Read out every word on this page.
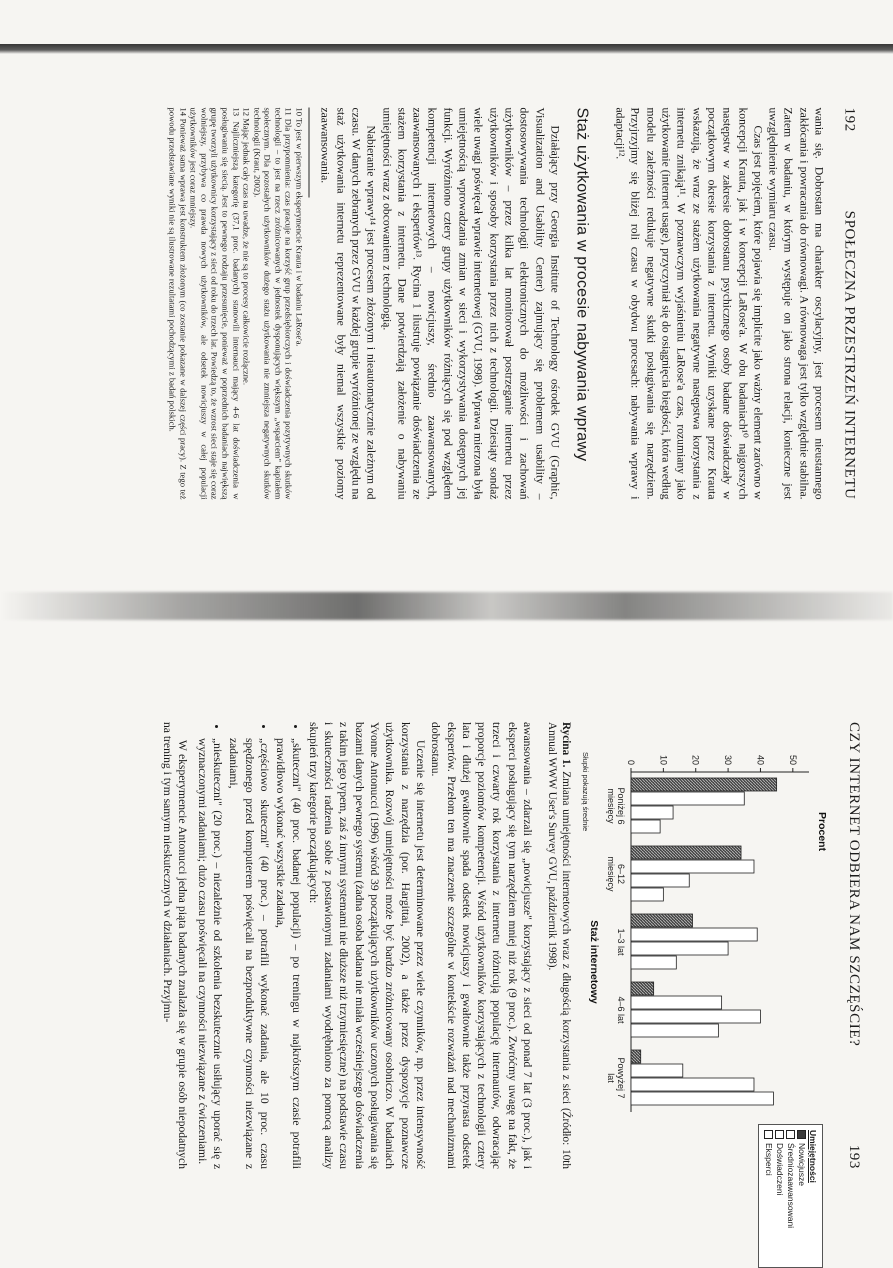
192
SPOŁECZNA PRZESTRZEŃ INTERNETU

wania się. Dobrostan ma charakter oscylacyjny, jest procesem nieustannego zakłócania i powracania do równowagi. A równowaga jest tylko względnie stabilna. Zatem w badaniu, w którym występuje on jako strona relacji, konieczne jest uwzględnienie wymiaru czasu.

Czas jest pojęciem, które pojawia się implicite jako ważny element zarówno w koncepcji Krauta, jak i w koncepcji LaRose'a. W obu badaniach¹⁰ najgorszych następstw w zakresie dobrostanu psychicznego osoby badane doświadczały w początkowym okresie korzystania z internetu. Wyniki uzyskane przez Krauta wskazują, że wraz ze stażem użytkowania negatywne następstwa korzystania z internetu znikają¹¹. W poznawczym wyjaśnieniu LaRose'a czas, rozumiany jako użytkowanie (internet usage), przyczyniał się do osiągnięcia biegłości, która według modelu zależności redukuje negatywne skutki posługiwania się narzędziem. Przyjrzyjmy się bliżej roli czasu w obydwu procesach: nabywania wprawy i adaptacji¹².

Staż użytkowania w procesie nabywania wprawy

Działający przy Georgia Institute of Technology ośrodek GVU (Graphic, Visualization and Usability Center) zajmujący się problemem usability – dostosowywania technologii elektronicznych do możliwości i zachowań użytkowników – przez kilka lat monitorował postrzeganie internetu przez użytkowników i sposoby korzystania przez nich z technologii. Dziesiąty sondaż wiele uwagi poświęcał wprawie internetowej (GVU, 1998). Wprawa mierzona była umiejętnością wprowadzania zmian w sieci i wykorzystywania dostępnych jej funkcji. Wyróżniono cztery grupy użytkowników różniących się pod względem kompetencji internetowych – nowicjuszy, średnio zaawansowanych, zaawansowanych i ekspertów¹³. Rycina 1 ilustruje powiązanie doświadczenia ze stażem korzystania z internetu. Dane potwierdzają założenie o nabywaniu umiejętności wraz z obcowaniem z technologią.

Nabieranie wprawy¹⁴ jest procesem złożonym i nieautomatycznie zależnym od czasu. W danych zebranych przez GVU w każdej grupie wyróżnionej ze względu na staż użytkowania internetu reprezentowane były niemal wszystkie poziomy zaawansowania.

10 To jest w pierwszym eksperymencie Krauta i w badaniu LaRose'a.

11 Dla przypomnienia: czas pracuje na korzyść grup przedsiębiorczych i doświadczenia pozytywnych skutków technologii – to jest na rzecz zróżnicowanych w jednostek dysponujących większym „wsparciem" kapitałem społecznym. Dla pozostałych użytkowników dużego stażu użytkowania nie zmniejsza negatywnych skutków technologii (Kraut, 2002).

12 Mając jednak cały czas na uwadze, że nie są to procesy całkowicie rozłączne.

13 Najliczniejszą kategorię (37,1 proc. badanych) stanowili internauci mający 4-6 lat doświadczenia w posługiwaniu się siecią. Jest to pewnego rodzaju przesunięcie, ponieważ w poprzednich badaniach największą grupę tworzyli użytkownicy korzystający z sieci od roku do trzech lat. Powiedzą to, że wzrost sieci staje się coraz wolniejszy, przybywa co prawda nowych użytkowników, ale odsetek nowicjuszy w całej populacji użytkowników jest coraz mniejszy.

14 Ponieważ sama wprawa jest konstruktem złożonym (co zostanie pokazane w dalszej części pracy). Z tego też powodu przedstawiane wyniki nie są ilustrowane rezultatami pochodzącymi z badań polskich.

CZY INTERNET ODBIERA NAM SZCZĘŚCIE?
193
Procent
0 10 20 30 40 50
Poniżej 6
miesięcy
6–12
miesięcy
1–3 lat
4–6 lat
Powyżej 7
lat
Staż internetowy
Słupki pokazują średnie
Umiejętności
Nowicjusze
Średniozaawansowani
Doświadczeni
Eksperci

Rycina 1. Zmiana umiejętności internetowych wraz z długością korzystania z sieci (Źródło: 10th Annual WWW User's Survey GVU, październik 1998).

awansowania – zdarzali się „nowicjusze" korzystający z sieci od ponad 7 lat (3 proc.), jak i eksperci posługujący się tym narzędziem mniej niż rok (9 proc.). Zwróćmy uwagę na fakt, że trzeci i czwarty rok korzystania z internetu różnicują populację internautów, odwracając proporcje poziomów kompetencji. Wśród użytkowników korzystających z technologii cztery lata i dłużej gwałtownie spada odsetek nowicjuszy i gwałtownie także przyrasta odsetek ekspertów. Przełom ten ma znaczenie szczególne w kontekście rozważań nad mechanizmami dobrostanu.

Uczenie się internetu jest determinowane przez wiele czynników, np. przez intensywność korzystania z narzędzia (por. Hargittai, 2002), a także przez dyspozycje poznawcze użytkownika. Rozwój umiejętności może być bardzo zróżnicowany osobniczo. W badaniach Yvonne Antonucci (1996) wśród 39 początkujących użytkowników uczonych posługiwania się bazami danych pewnego systemu (żadna osoba badana nie miała wcześniejszego doświadczenia z takim jego typem, zaś z innymi systemami nie dłuższe niż trzymiesięczne) na podstawie czasu i skuteczności radzenia sobie z postawionymi zadaniami wyodrębniono za pomocą analizy skupień trzy kategorie początkujących:

• „skuteczni" (40 proc. badanej populacji) – po treningu w najkrótszym czasie potrafili prawidłowo wykonać wszystkie zadania,
• „częściowo skuteczni" (40 proc.) – potrafili wykonać zadania, ale 10 proc. czasu spędzonego przed komputerem poświęcali na bezproduktywne czynności niezwiązane z zadaniami,
• „nieskuteczni" (20 proc.) – niezależnie od szkolenia bezskutecznie usiłujący uporać się z wyznaczonymi zadaniami; dużo czasu poświęcali na czynności niezwiązane z ćwiczeniami.

W eksperymencie Antonucci jedna piąta badanych znalazła się w grupie osób niepodatnych na trening i tym samym nieskutecznych w działaniach. Przyjmu-
